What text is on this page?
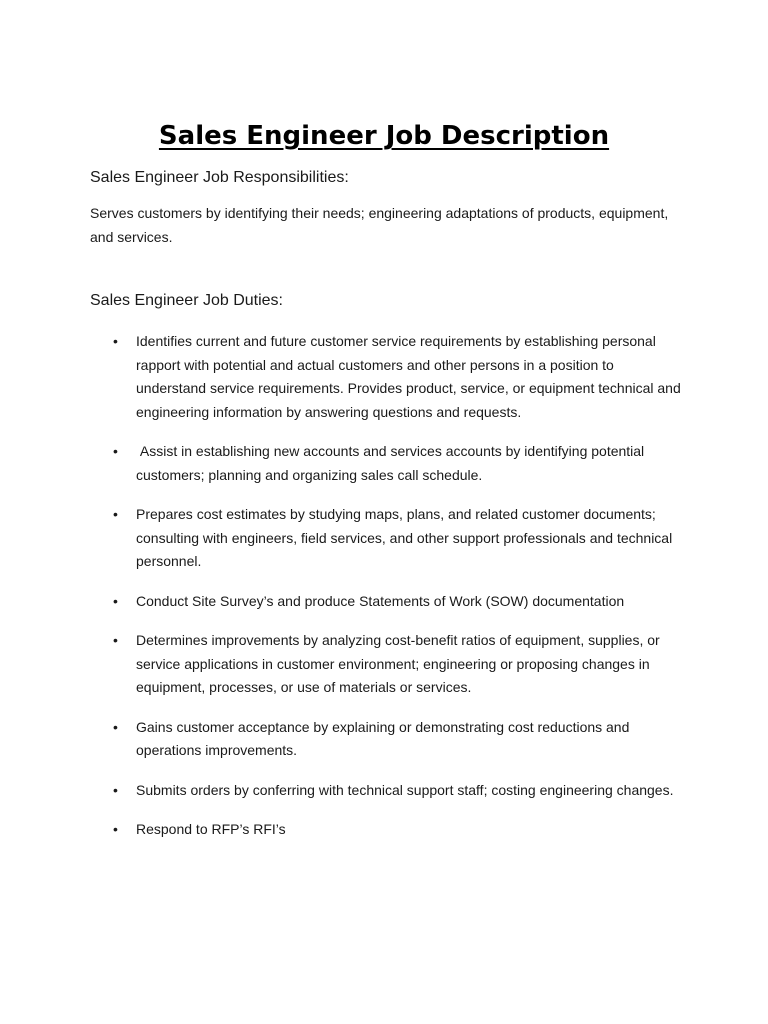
Sales Engineer Job Description
Sales Engineer Job Responsibilities:

Serves customers by identifying their needs; engineering adaptations of products, equipment, and services.

Sales Engineer Job Duties:
• Identifies current and future customer service requirements by establishing personal rapport with potential and actual customers and other persons in a position to understand service requirements. Provides product, service, or equipment technical and engineering information by answering questions and requests.
• Assist in establishing new accounts and services accounts by identifying potential customers; planning and organizing sales call schedule.
• Prepares cost estimates by studying maps, plans, and related customer documents; consulting with engineers, field services, and other support professionals and technical personnel.
• Conduct Site Survey’s and produce Statements of Work (SOW) documentation
• Determines improvements by analyzing cost-benefit ratios of equipment, supplies, or service applications in customer environment; engineering or proposing changes in equipment, processes, or use of materials or services.
• Gains customer acceptance by explaining or demonstrating cost reductions and operations improvements.
• Submits orders by conferring with technical support staff; costing engineering changes.
• Respond to RFP’s RFI’s
